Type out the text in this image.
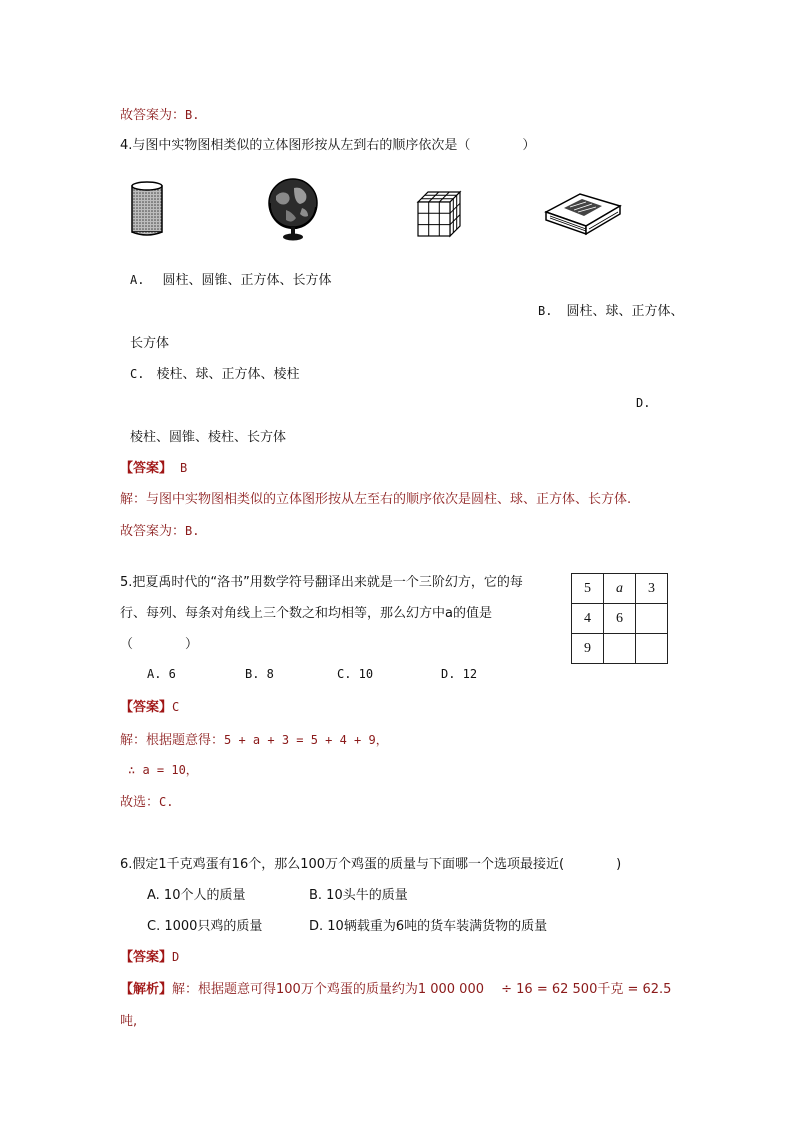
故答案为：B.
4.与图中实物图相类似的立体图形按从左到右的顺序依次是（　　　　）
A. 圆柱、圆锥、正方体、长方体
B. 圆柱、球、正方体、
长方体
C. 棱柱、球、正方体、棱柱
D.
棱柱、圆锥、棱柱、长方体
【答案】 B
解：与图中实物图相类似的立体图形按从左至右的顺序依次是圆柱、球、正方体、长方体.
故答案为：B.
5.把夏禹时代的“洛书”用数学符号翻译出来就是一个三阶幻方，它的每
行、每列、每条对角线上三个数之和均相等，那么幻方中a的值是
（　　　　）
5	a	3
4	6	
9		
A. 6	B. 8	C. 10	D. 12
【答案】C
解：根据题意得：5 + a + 3 = 5 + 4 + 9，
∴ a = 10，
故选：C.
6.假定1千克鸡蛋有16个，那么100万个鸡蛋的质量与下面哪一个选项最接近(　　　　)
A. 10个人的质量	B. 10头牛的质量
C. 1000只鸡的质量	D. 10辆载重为6吨的货车装满货物的质量
【答案】D
【解析】解：根据题意可得100万个鸡蛋的质量约为1 000 000　 ÷ 16 = 62 500千克 = 62.5
吨,
